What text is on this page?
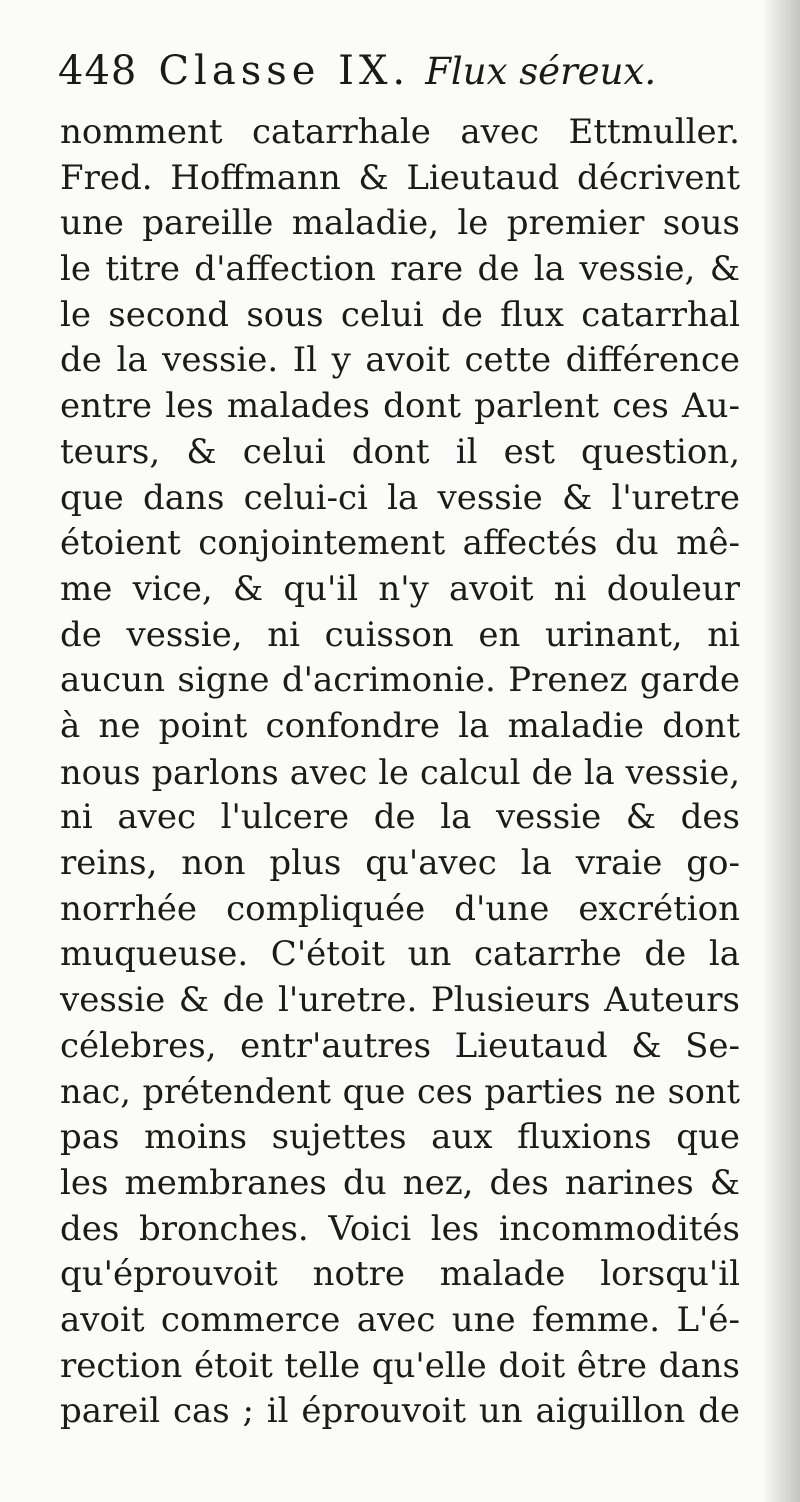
448 Classe IX. Flux séreux.
nomment catarrhale avec Ettmuller.
Fred. Hoffmann & Lieutaud décrivent
une pareille maladie, le premier sous
le titre d'affection rare de la vessie, &
le second sous celui de flux catarrhal
de la vessie. Il y avoit cette différence
entre les malades dont parlent ces Au-
teurs, & celui dont il est question,
que dans celui-ci la vessie & l'uretre
étoient conjointement affectés du mê-
me vice, & qu'il n'y avoit ni douleur
de vessie, ni cuisson en urinant, ni
aucun signe d'acrimonie. Prenez garde
à ne point confondre la maladie dont
nous parlons avec le calcul de la vessie,
ni avec l'ulcere de la vessie & des
reins, non plus qu'avec la vraie go-
norrhée compliquée d'une excrétion
muqueuse. C'étoit un catarrhe de la
vessie & de l'uretre. Plusieurs Auteurs
célebres, entr'autres Lieutaud & Se-
nac, prétendent que ces parties ne sont
pas moins sujettes aux fluxions que
les membranes du nez, des narines &
des bronches. Voici les incommodités
qu'éprouvoit notre malade lorsqu'il
avoit commerce avec une femme. L'é-
rection étoit telle qu'elle doit être dans
pareil cas ; il éprouvoit un aiguillon de
